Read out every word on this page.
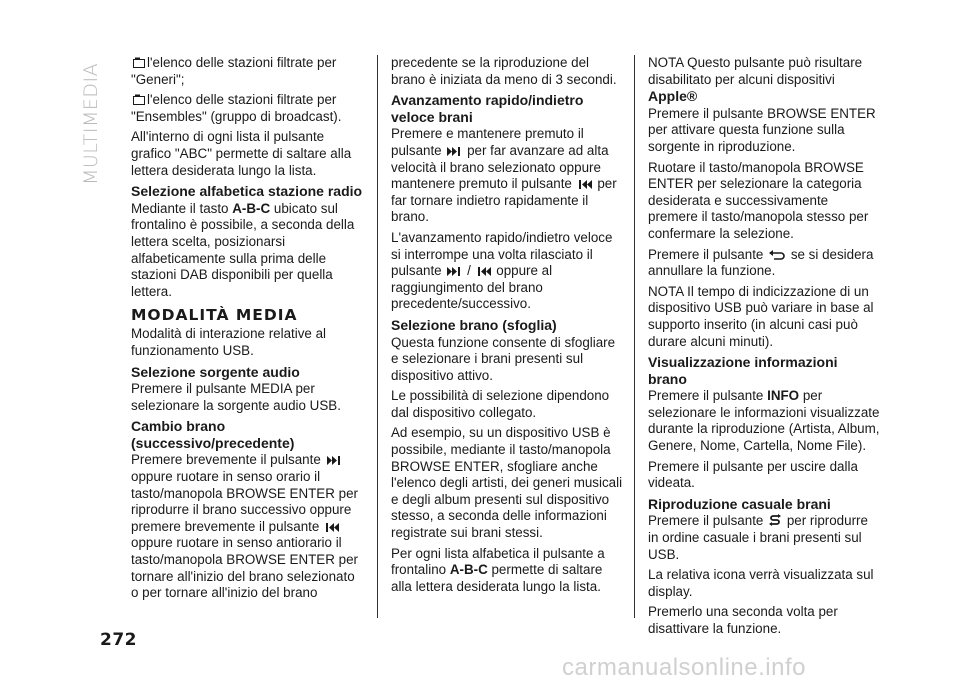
MULTIMEDIA

l'elenco delle stazioni filtrate per "Generi";

l'elenco delle stazioni filtrate per "Ensembles" (gruppo di broadcast).

All'interno di ogni lista il pulsante grafico "ABC" permette di saltare alla lettera desiderata lungo la lista.

Selezione alfabetica stazione radio

Mediante il tasto A-B-C ubicato sul frontalino è possibile, a seconda della lettera scelta, posizionarsi alfabeticamente sulla prima delle stazioni DAB disponibili per quella lettera.

MODALITÀ MEDIA

Modalità di interazione relative al funzionamento USB.

Selezione sorgente audio

Premere il pulsante MEDIA per selezionare la sorgente audio USB.

Cambio brano (successivo/precedente)

Premere brevemente il pulsante  oppure ruotare in senso orario il tasto/manopola BROWSE ENTER per riprodurre il brano successivo oppure premere brevemente il pulsante  oppure ruotare in senso antiorario il tasto/manopola BROWSE ENTER per tornare all'inizio del brano selezionato o per tornare all'inizio del brano

precedente se la riproduzione del brano è iniziata da meno di 3 secondi.

Avanzamento rapido/indietro veloce brani

Premere e mantenere premuto il pulsante  per far avanzare ad alta velocità il brano selezionato oppure mantenere premuto il pulsante  per far tornare indietro rapidamente il brano.

L'avanzamento rapido/indietro veloce si interrompe una volta rilasciato il pulsante  /  oppure al raggiungimento del brano precedente/successivo.

Selezione brano (sfoglia)

Questa funzione consente di sfogliare e selezionare i brani presenti sul dispositivo attivo.

Le possibilità di selezione dipendono dal dispositivo collegato.

Ad esempio, su un dispositivo USB è possibile, mediante il tasto/manopola BROWSE ENTER, sfogliare anche l'elenco degli artisti, dei generi musicali e degli album presenti sul dispositivo stesso, a seconda delle informazioni registrate sui brani stessi.

Per ogni lista alfabetica il pulsante a frontalino A-B-C permette di saltare alla lettera desiderata lungo la lista.

NOTA Questo pulsante può risultare disabilitato per alcuni dispositivi

Apple®

Premere il pulsante BROWSE ENTER per attivare questa funzione sulla sorgente in riproduzione.

Ruotare il tasto/manopola BROWSE ENTER per selezionare la categoria desiderata e successivamente premere il tasto/manopola stesso per confermare la selezione.

Premere il pulsante  se si desidera annullare la funzione.

NOTA Il tempo di indicizzazione di un dispositivo USB può variare in base al supporto inserito (in alcuni casi può durare alcuni minuti).

Visualizzazione informazioni brano

Premere il pulsante INFO per selezionare le informazioni visualizzate durante la riproduzione (Artista, Album, Genere, Nome, Cartella, Nome File).

Premere il pulsante per uscire dalla videata.

Riproduzione casuale brani

Premere il pulsante  per riprodurre in ordine casuale i brani presenti sul USB.

La relativa icona verrà visualizzata sul display.

Premerlo una seconda volta per disattivare la funzione.

272
carmanualsonline.info
